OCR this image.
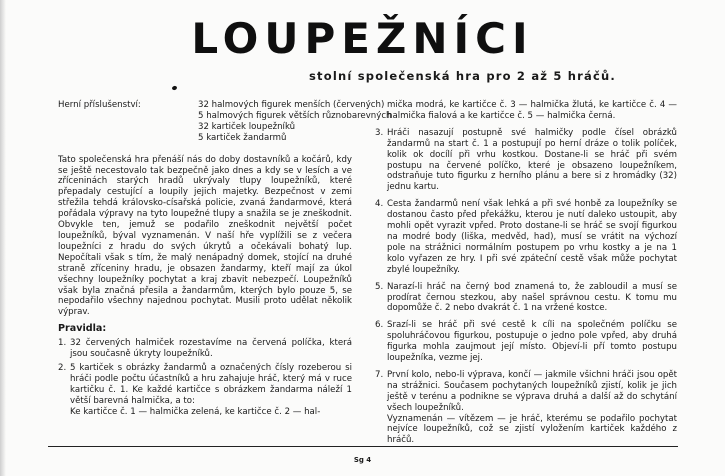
LOUPEŽNÍCI
stolní společenská hra pro 2 až 5 hráčů.
Herní příslušenství:	32 halmových figurek menších (červených)
5 halmových figurek větších různobarevných
32 kartiček loupežníků
5 kartiček žandarmů
Tato společenská hra přenáší nás do doby dostavníků a kočárů, kdy se ještě necestovalo tak bezpečně jako dnes a kdy se v lesích a ve zříceninách starých hradů ukrývaly tlupy loupežníků, které přepadaly cestující a loupily jejich majetky. Bezpečnost v zemi střežila tehdá královsko-císařská policie, zvaná žandarmové, která pořádala výpravy na tyto loupežné tlupy a snažila se je zneškodnit. Obvykle ten, jemuž se podařilo zneškodnit největší počet loupežníků, býval vyznamenán. V naší hře vyplížili se z večera loupežníci z hradu do svých úkrytů a očekávali bohatý lup. Nepočítali však s tím, že malý nenápadný domek, stojící na druhé straně zříceniny hradu, je obsazen žandarmy, kteří mají za úkol všechny loupežníky pochytat a kraj zbavit nebezpečí. Loupežníků však byla značná přesila a žandarmům, kterých bylo pouze 5, se nepodařilo všechny najednou pochytat. Musili proto udělat několik výprav.
Pravidla:
1. 32 červených halmiček rozestavíme na červená políčka, která jsou současně úkryty loupežníků.
2. 5 kartiček s obrázky žandarmů a označených čísly rozeberou si hráči podle počtu účastníků a hru zahajuje hráč, který má v ruce kartičku č. 1. Ke každé kartičce s obrázkem žandarma náleží 1 větší barevná halmička, a to:
Ke kartičce č. 1 — halmička zelená, ke kartičce č. 2 — hal-
mička modrá, ke kartičce č. 3 — halmička žlutá, ke kartičce č. 4 — halmička fialová a ke kartičce č. 5 — halmička černá.
3. Hráči nasazují postupně své halmičky podle čísel obrázků žandarmů na start č. 1 a postupují po herní dráze o tolik políček, kolik ok docílí při vrhu kostkou. Dostane-li se hráč při svém postupu na červené políčko, které je obsazeno loupežníkem, odstraňuje tuto figurku z herního plánu a bere si z hromádky (32) jednu kartu.
4. Cesta žandarmů není však lehká a při své honbě za loupežníky se dostanou často před překážku, kterou je nutí daleko ustoupit, aby mohli opět vyrazit vpřed. Proto dostane-li se hráč se svojí figurkou na modré body (liška, medvěd, had), musí se vrátit na výchozí pole na strážnici normálním postupem po vrhu kostky a je na 1 kolo vyřazen ze hry. I při své zpáteční cestě však může pochytat zbylé loupežníky.
5. Narazí-li hráč na černý bod znamená to, že zabloudil a musí se prodírat černou stezkou, aby našel správnou cestu. K tomu mu dopomůže č. 2 nebo dvakrát č. 1 na vržené kostce.
6. Srazí-li se hráč při své cestě k cíli na společném políčku se spoluhráčovou figurkou, postupuje o jedno pole vpřed, aby druhá figurka mohla zaujmout její místo. Objeví-li pří tomto postupu loupežníka, vezme jej.
7. První kolo, nebo-li výprava, končí — jakmile všichni hráči jsou opět na strážnici. Současem pochytaných loupežníků zjistí, kolik je jich ještě v terénu a podnikne se výprava druhá a další až do schytání všech loupežníků.
Vyznamenán — vítězem — je hráč, kterému se podařilo pochytat nejvíce loupežníků, což se zjistí vyložením kartiček každého z hráčů.
Sg 4
